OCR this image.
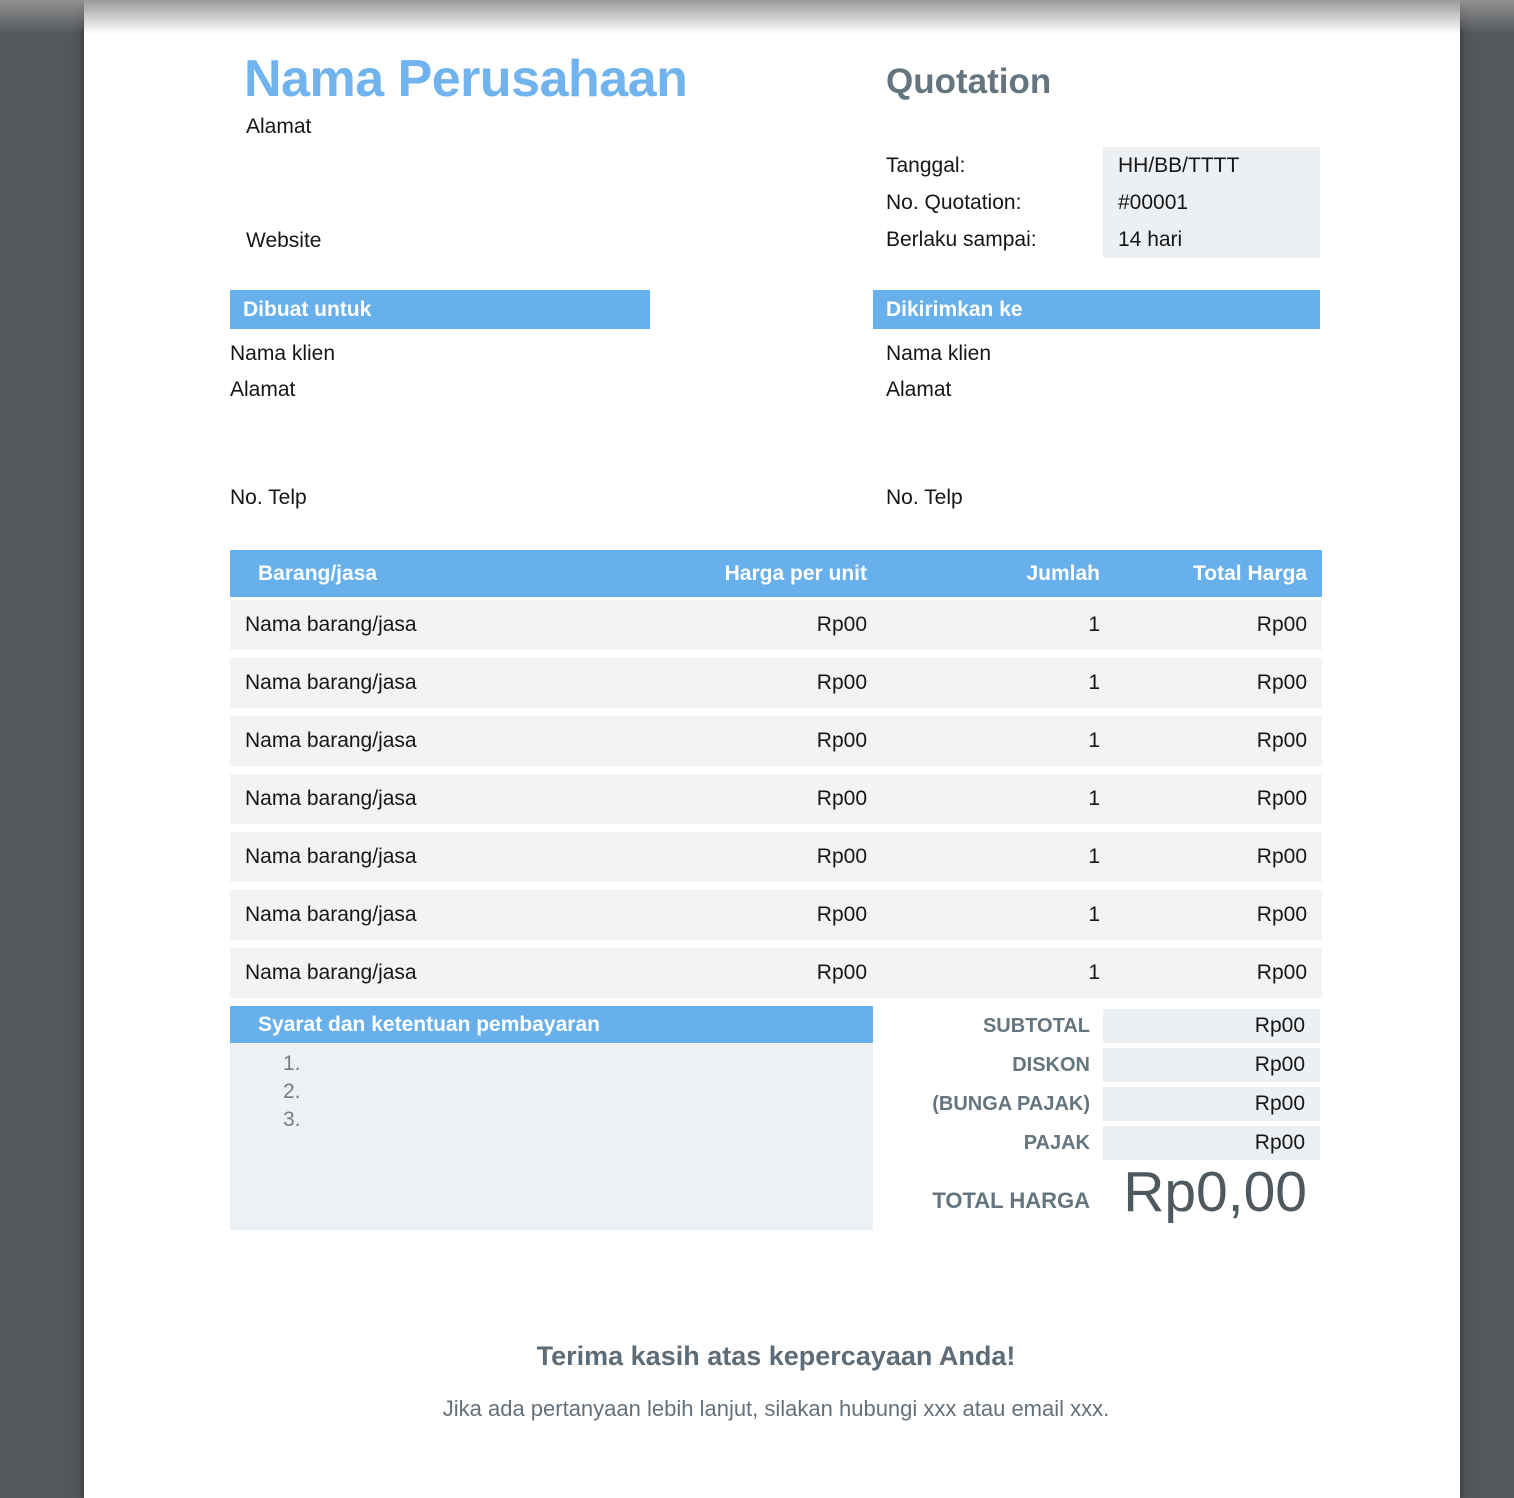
Nama Perusahaan
Alamat
Website
Quotation
Tanggal:	HH/BB/TTTT
No. Quotation:	#00001
Berlaku sampai:	14 hari
Dibuat untuk

Nama klien

Alamat

No. Telp

Dikirimkan ke

Nama klien

Alamat

No. Telp

Barang/jasa	Harga per unit	Jumlah	Total Harga
Nama barang/jasa	Rp00	1	Rp00
Nama barang/jasa	Rp00	1	Rp00
Nama barang/jasa	Rp00	1	Rp00
Nama barang/jasa	Rp00	1	Rp00
Nama barang/jasa	Rp00	1	Rp00
Nama barang/jasa	Rp00	1	Rp00
Nama barang/jasa	Rp00	1	Rp00
Syarat dan ketentuan pembayaran

1.

2.

3.

SUBTOTAL	Rp00
DISKON	Rp00
(BUNGA PAJAK)	Rp00
PAJAK	Rp00
TOTAL HARGA Rp0,00
Terima kasih atas kepercayaan Anda!
Jika ada pertanyaan lebih lanjut, silakan hubungi xxx atau email xxx.
